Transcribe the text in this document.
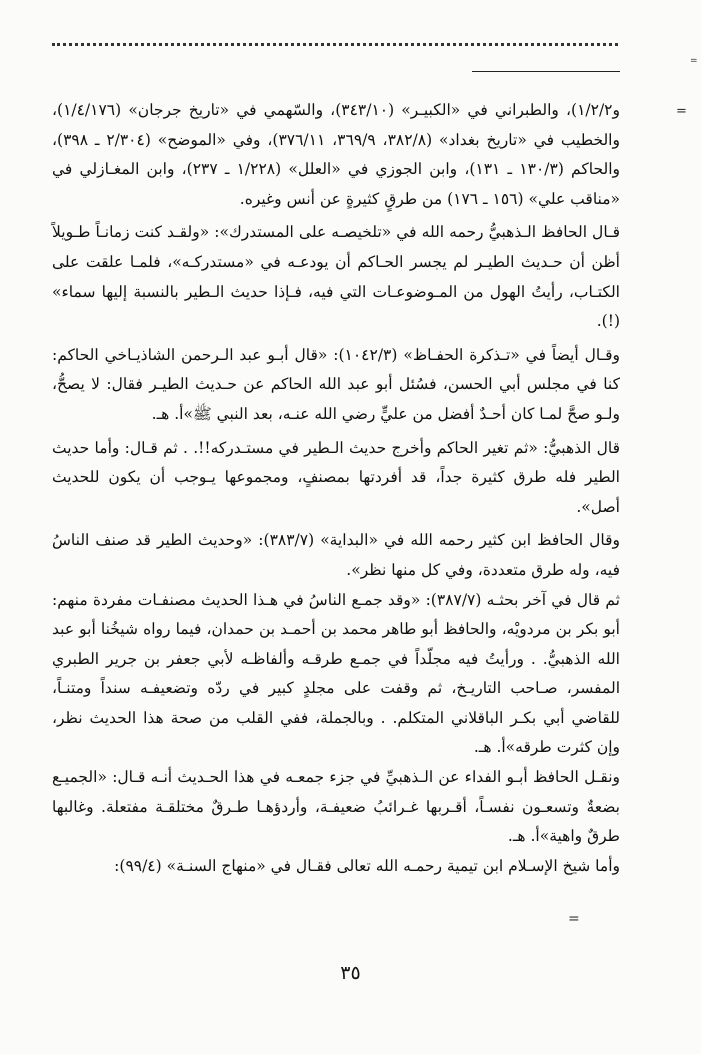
=
=
=

و١/٢/٢)، والطبراني في «الكبيـر» (٣٤٣/١٠)، والسّهمي في «تاريخ جرجان» (١/٤/١٧٦)، والخطيب في «تاريخ بغداد» (٣٨٢/٨، ٣٦٩/٩، ٣٧٦/١١)، وفي «الموضح» (٢/٣٠٤ ـ ٣٩٨)، والحاكم (١٣٠/٣ ـ ١٣١)، وابن الجوزي في «العلل» (١/٢٢٨ ـ ٢٣٧)، وابن المغـازلي في «مناقب علي» (١٥٦ ـ ١٧٦) من طرقٍ كثيرةٍ عن أنس وغيره.

قـال الحافظ الـذهبيُّ رحمه الله في «تلخيصـه على المستدرك»: «ولقـد كنت زمانـاً طـويلاً أظن أن حـديث الطيـر لم يجسر الحـاكم أن يودعـه في «مستدركـه»، فلمـا علقت على الكتـاب، رأيتُ الهول من المـوضوعـات التي فيه، فـإذا حديث الـطير بالنسبة إليها سماء» (!).

وقـال أيضاً في «تـذكرة الحفـاظ» (١٠٤٢/٣): «قال أبـو عبد الـرحمن الشاذيـاخي الحاكم: كنا في مجلس أبي الحسن، فسُئل أبو عبد الله الحاكم عن حـديث الطيـر فقال: لا يصحُّ، ولـو صحَّ لمـا كان أحـدٌ أفضل من عليٍّ رضي الله عنـه، بعد النبي ﷺ»أ. هـ.

قال الذهبيُّ: «ثم تغير الحاكم وأخرج حديث الـطير في مستـدركه!!. . ثم قـال: وأما حديث الطير فله طرق كثيرة جداً، قد أفردتها بمصنفٍ، ومجموعها يـوجب أن يكون للحديث أصل».

وقال الحافظ ابن كثير رحمه الله في «البداية» (٣٨٣/٧): «وحديث الطير قد صنف الناسُ فيه، وله طرق متعددة، وفي كل منها نظر».

ثم قال في آخر بحثـه (٣٨٧/٧): «وقد جمـع الناسُ في هـذا الحديث مصنفـات مفردة منهم: أبو بكر بن مردويْه، والحافظ أبو طاهر محمد بن أحمـد بن حمدان، فيما رواه شيخُنا أبو عبد الله الذهبيُّ. . ورأيتُ فيه مجلّداً في جمـع طرقـه وألفاظـه لأبي جعفر بن جرير الطبري المفسر، صـاحب التاريـخ، ثم وقفت على مجلدٍ كبير في ردّه وتضعيفـه سنداً ومتنـاً، للقاضي أبي بكـر الباقلاني المتكلم. . وبالجملة، ففي القلب من صحة هذا الحديث نظر، وإن كثرت طرقه»أ. هـ.

ونقـل الحافظ أبـو الفداء عن الـذهبيِّ في جزء جمعـه في هذا الحـديث أنـه قـال: «الجميـع بضعةٌ وتسعـون نفسـاً، أقـربها غـرائبُ ضعيفـة، وأردؤهـا طـرقٌ مختلقـة مفتعلة. وغالبها طرقٌ واهية»أ. هـ.

وأما شيخ الإسـلام ابن تيمية رحمـه الله تعالى فقـال في «منهاج السنـة» (٩٩/٤):

٣٥
